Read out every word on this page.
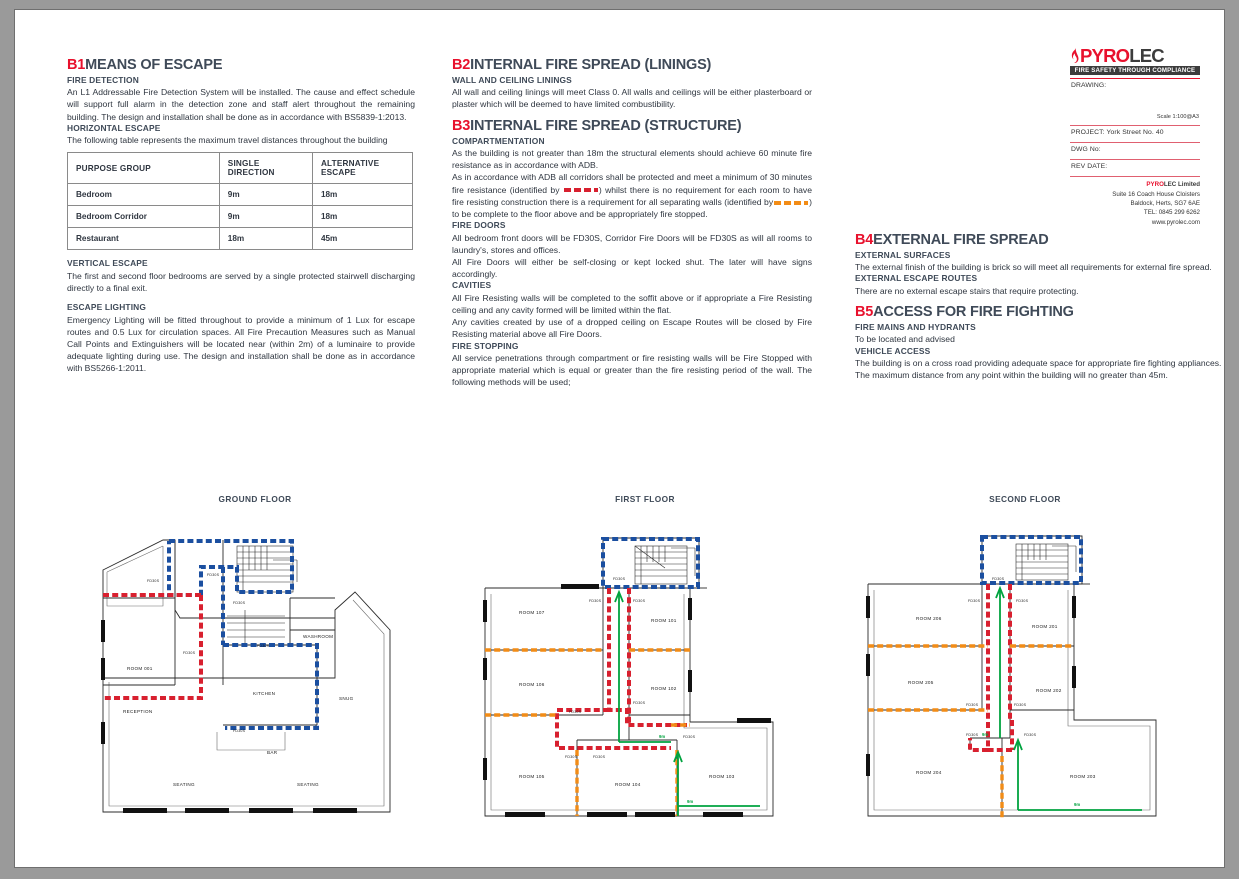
B1MEANS OF ESCAPE
FIRE DETECTION

An L1 Addressable Fire Detection System will be installed. The cause and effect schedule will support full alarm in the detection zone and staff alert throughout the remaining building. The design and installation shall be done as in accordance with BS5839-1:2013.

HORIZONTAL ESCAPE

The following table represents the maximum travel distances throughout the building

PURPOSE GROUP	SINGLE DIRECTION	ALTERNATIVE ESCAPE
Bedroom	9m	18m
Bedroom Corridor	9m	18m
Restaurant	18m	45m
VERTICAL ESCAPE

The first and second floor bedrooms are served by a single protected stairwell discharging directly to a final exit.

ESCAPE LIGHTING

Emergency Lighting will be fitted throughout to provide a minimum of 1 Lux for escape routes and 0.5 Lux for circulation spaces. All Fire Precaution Measures such as Manual Call Points and Extinguishers will be located near (within 2m) of a luminaire to provide adequate lighting during use. The design and installation shall be done as in accordance with BS5266-1:2011.

B2INTERNAL FIRE SPREAD (LININGS)
WALL AND CEILING LININGS

All wall and ceiling linings will meet Class 0. All walls and ceilings will be either plasterboard or plaster which will be deemed to have limited combustibility.

B3INTERNAL FIRE SPREAD (STRUCTURE)
COMPARTMENTATION

As the building is not greater than 18m the structural elements should achieve 60 minute fire resistance as in accordance with ADB.

As in accordance with ADB all corridors shall be protected and meet a minimum of 30 minutes fire resistance (identified by	) whilst there is no requirement for each room to have fire resisting construction there is a requirement for all separating walls (identified by	) to be complete to the floor above and be appropriately fire stopped.

FIRE DOORS

All bedroom front doors will be FD30S, Corridor Fire Doors will be FD30S as will all rooms to laundry's, stores and offices.

All Fire Doors will either be self-closing or kept locked shut. The later will have signs accordingly.

CAVITIES

All Fire Resisting walls will be completed to the soffit above or if appropriate a Fire Resisting ceiling and any cavity formed will be limited within the flat.

Any cavities created by use of a dropped ceiling on Escape Routes will be closed by Fire Resisting material above all Fire Doors.

FIRE STOPPING

All service penetrations through compartment or fire resisting walls will be Fire Stopped with appropriate material which is equal or greater than the fire resisting period of the wall. The following methods will be used;

B4EXTERNAL FIRE SPREAD
EXTERNAL SURFACES

The external finish of the building is brick so will meet all requirements for external fire spread.

EXTERNAL ESCAPE ROUTES

There are no external escape stairs that require protecting.

B5ACCESS FOR FIRE FIGHTING
FIRE MAINS AND HYDRANTS

To be located and advised

VEHICLE ACCESS

The building is on a cross road providing adequate space for appropriate fire fighting appliances.

The maximum distance from any point within the building will no greater than 45m.

PYROLEC
FIRE SAFETY THROUGH COMPLIANCE
DRAWING:
Scale 1:100@A3
PROJECT: York Street No. 40
DWG No:
REV DATE:
PYROLEC Limited
Suite 16 Coach House Cloisters
Baldock, Herts, SG7 6AE
TEL: 0845 299 6262
www.pyrolec.com
GROUND FLOOR
ROOM 001
RECEPTION
KITCHEN
WASHROOM
SNUG
BAR
SEATING	SEATING
FD30S
FD30S
FD30S
FD30S
FD30S
FD30S
FIRST FLOOR
9m
9m
ROOM 107
ROOM 106
ROOM 105
ROOM 104
ROOM 103
ROOM 102
ROOM 101
FD30S
FD30S	FD30S
FD30S
FD30S
FD30S	FD30S
FD30S
SECOND FLOOR
9m
9m
ROOM 206
ROOM 205
ROOM 204
ROOM 203
ROOM 202
ROOM 201
FD30S
FD30S	FD30S
FD30S	FD30S
FD30S	FD30S
